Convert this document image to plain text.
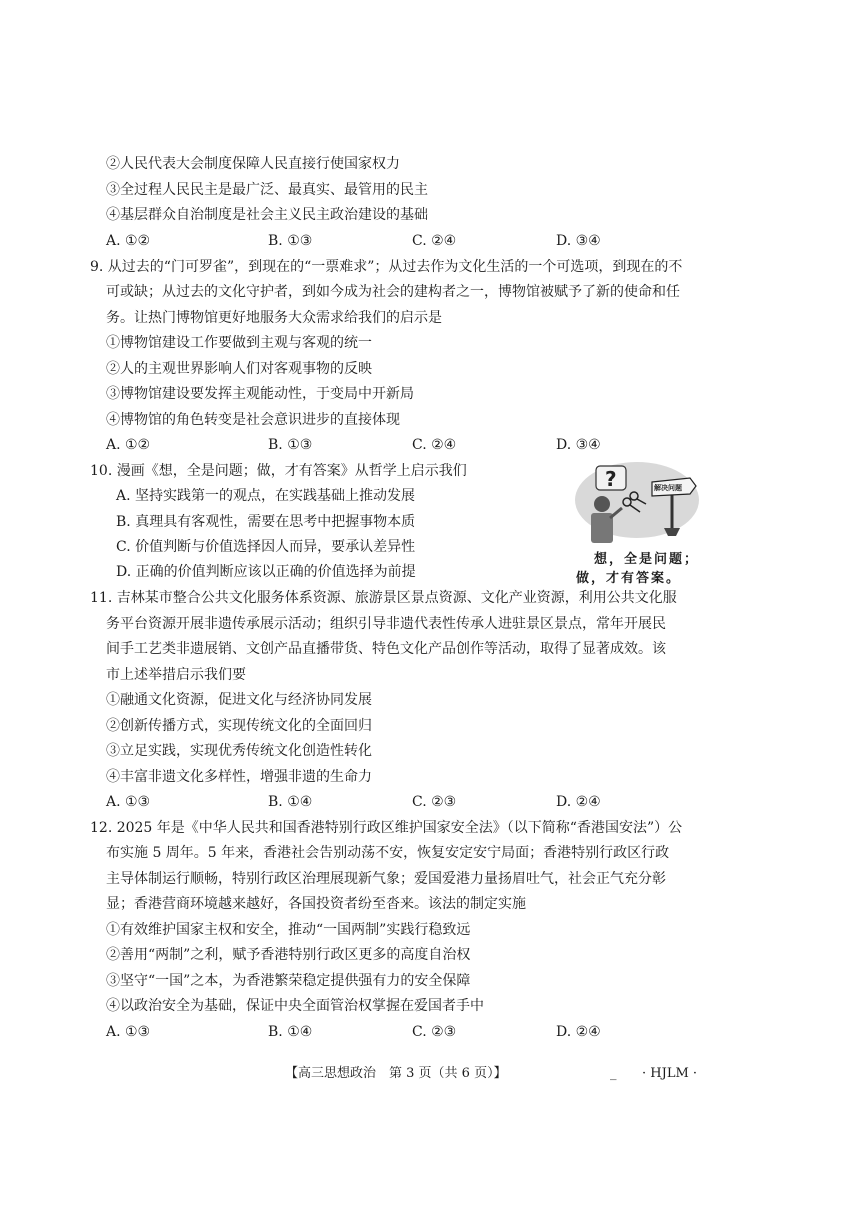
②人民代表大会制度保障人民直接行使国家权力
③全过程人民民主是最广泛、最真实、最管用的民主
④基层群众自治制度是社会主义民主政治建设的基础
A. ①②	B. ①③	C. ②④	D. ③④
9. 从过去的“门可罗雀”，到现在的“一票难求”；从过去作为文化生活的一个可选项，到现在的不
可或缺；从过去的文化守护者，到如今成为社会的建构者之一，博物馆被赋予了新的使命和任
务。让热门博物馆更好地服务大众需求给我们的启示是
①博物馆建设工作要做到主观与客观的统一
②人的主观世界影响人们对客观事物的反映
③博物馆建设要发挥主观能动性，于变局中开新局
④博物馆的角色转变是社会意识进步的直接体现
A. ①②	B. ①③	C. ②④	D. ③④
10. 漫画《想，全是问题；做，才有答案》从哲学上启示我们
A. 坚持实践第一的观点，在实践基础上推动发展
B. 真理具有客观性，需要在思考中把握事物本质
C. 价值判断与价值选择因人而异，要承认差异性
D. 正确的价值判断应该以正确的价值选择为前提
?	解决问题
想，全是问题；
做，才有答案。
11. 吉林某市整合公共文化服务体系资源、旅游景区景点资源、文化产业资源，利用公共文化服
务平台资源开展非遗传承展示活动；组织引导非遗代表性传承人进驻景区景点，常年开展民
间手工艺类非遗展销、文创产品直播带货、特色文化产品创作等活动，取得了显著成效。该
市上述举措启示我们要
①融通文化资源，促进文化与经济协同发展
②创新传播方式，实现传统文化的全面回归
③立足实践，实现优秀传统文化创造性转化
④丰富非遗文化多样性，增强非遗的生命力
A. ①③	B. ①④	C. ②③	D. ②④
12. 2025 年是《中华人民共和国香港特别行政区维护国家安全法》（以下简称“香港国安法”）公
布实施 5 周年。5 年来，香港社会告别动荡不安，恢复安定安宁局面；香港特别行政区行政
主导体制运行顺畅，特别行政区治理展现新气象；爱国爱港力量扬眉吐气，社会正气充分彰
显；香港营商环境越来越好，各国投资者纷至沓来。该法的制定实施
①有效维护国家主权和安全，推动“一国两制”实践行稳致远
②善用“两制”之利，赋予香港特别行政区更多的高度自治权
③坚守“一国”之本，为香港繁荣稳定提供强有力的安全保障
④以政治安全为基础，保证中央全面管治权掌握在爱国者手中
A. ①③	B. ①④	C. ②③	D. ②④
【高三思想政治　第 3 页（共 6 页）】	_ · HJLM ·
